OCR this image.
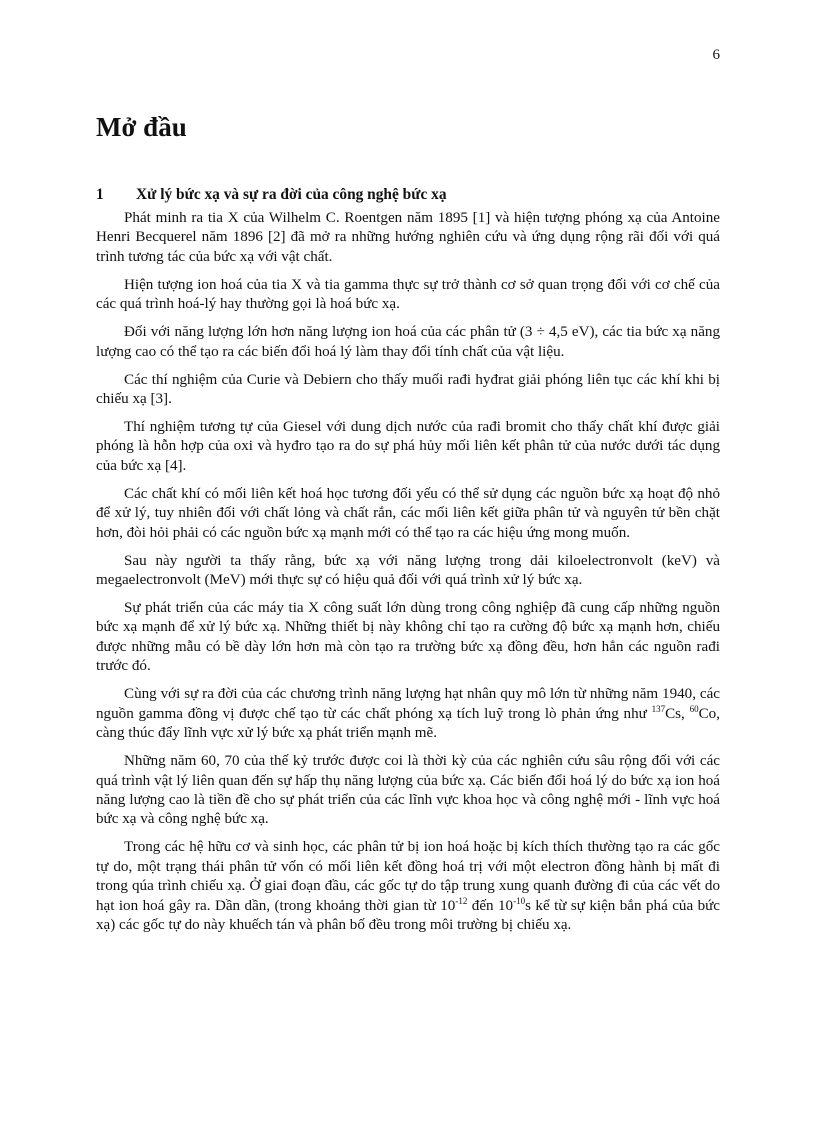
6
Mở đầu
1 Xử lý bức xạ và sự ra đời của công nghệ bức xạ

Phát minh ra tia X của Wilhelm C. Roentgen năm 1895 [1] và hiện tượng phóng xạ của Antoine Henri Becquerel năm 1896 [2] đã mở ra những hướng nghiên cứu và ứng dụng rộng rãi đối với quá trình tương tác của bức xạ với vật chất.

Hiện tượng ion hoá của tia X và tia gamma thực sự trở thành cơ sở quan trọng đối với cơ chế của các quá trình hoá-lý hay thường gọi là hoá bức xạ.

Đối với năng lượng lớn hơn năng lượng ion hoá của các phân tử (3 ÷ 4,5 eV), các tia bức xạ năng lượng cao có thể tạo ra các biến đổi hoá lý làm thay đổi tính chất của vật liệu.

Các thí nghiệm của Curie và Debiern cho thấy muối rađi hyđrat giải phóng liên tục các khí khi bị chiếu xạ [3].

Thí nghiệm tương tự của Giesel với dung dịch nước của rađi bromit cho thấy chất khí được giải phóng là hỗn hợp của oxi và hyđro tạo ra do sự phá hủy mối liên kết phân tử của nước dưới tác dụng của bức xạ [4].

Các chất khí có mối liên kết hoá học tương đối yếu có thể sử dụng các nguồn bức xạ hoạt độ nhỏ để xử lý, tuy nhiên đối với chất lỏng và chất rắn, các mối liên kết giữa phân tử và nguyên tử bền chặt hơn, đòi hỏi phải có các nguồn bức xạ mạnh mới có thể tạo ra các hiệu ứng mong muốn.

Sau này người ta thấy rằng, bức xạ với năng lượng trong dải kiloelectronvolt (keV) và megaelectronvolt (MeV) mới thực sự có hiệu quả đối với quá trình xử lý bức xạ.

Sự phát triển của các máy tia X công suất lớn dùng trong công nghiệp đã cung cấp những nguồn bức xạ mạnh để xử lý bức xạ. Những thiết bị này không chỉ tạo ra cường độ bức xạ mạnh hơn, chiếu được những mẫu có bề dày lớn hơn mà còn tạo ra trường bức xạ đồng đều, hơn hẳn các nguồn rađi trước đó.

Cùng với sự ra đời của các chương trình năng lượng hạt nhân quy mô lớn từ những năm 1940, các nguồn gamma đồng vị được chế tạo từ các chất phóng xạ tích luỹ trong lò phản ứng như $^{137}$Cs, $^{60}$Co, càng thúc đẩy lĩnh vực xử lý bức xạ phát triển mạnh mẽ.

Những năm 60, 70 của thế kỷ trước được coi là thời kỳ của các nghiên cứu sâu rộng đối với các quá trình vật lý liên quan đến sự hấp thụ năng lượng của bức xạ. Các biến đổi hoá lý do bức xạ ion hoá năng lượng cao là tiền đề cho sự phát triển của các lĩnh vực khoa học và công nghệ mới - lĩnh vực hoá bức xạ và công nghệ bức xạ.

Trong các hệ hữu cơ và sinh học, các phân tử bị ion hoá hoặc bị kích thích thường tạo ra các gốc tự do, một trạng thái phân tử vốn có mối liên kết đồng hoá trị với một electron đồng hành bị mất đi trong qúa trình chiếu xạ. Ở giai đoạn đầu, các gốc tự do tập trung xung quanh đường đi của các vết do hạt ion hoá gây ra. Dần dần, (trong khoảng thời gian từ $10^{-12}$ đến $10^{-10}s$ kể từ sự kiện bắn phá của bức xạ) các gốc tự do này khuếch tán và phân bố đều trong môi trường bị chiếu xạ.
